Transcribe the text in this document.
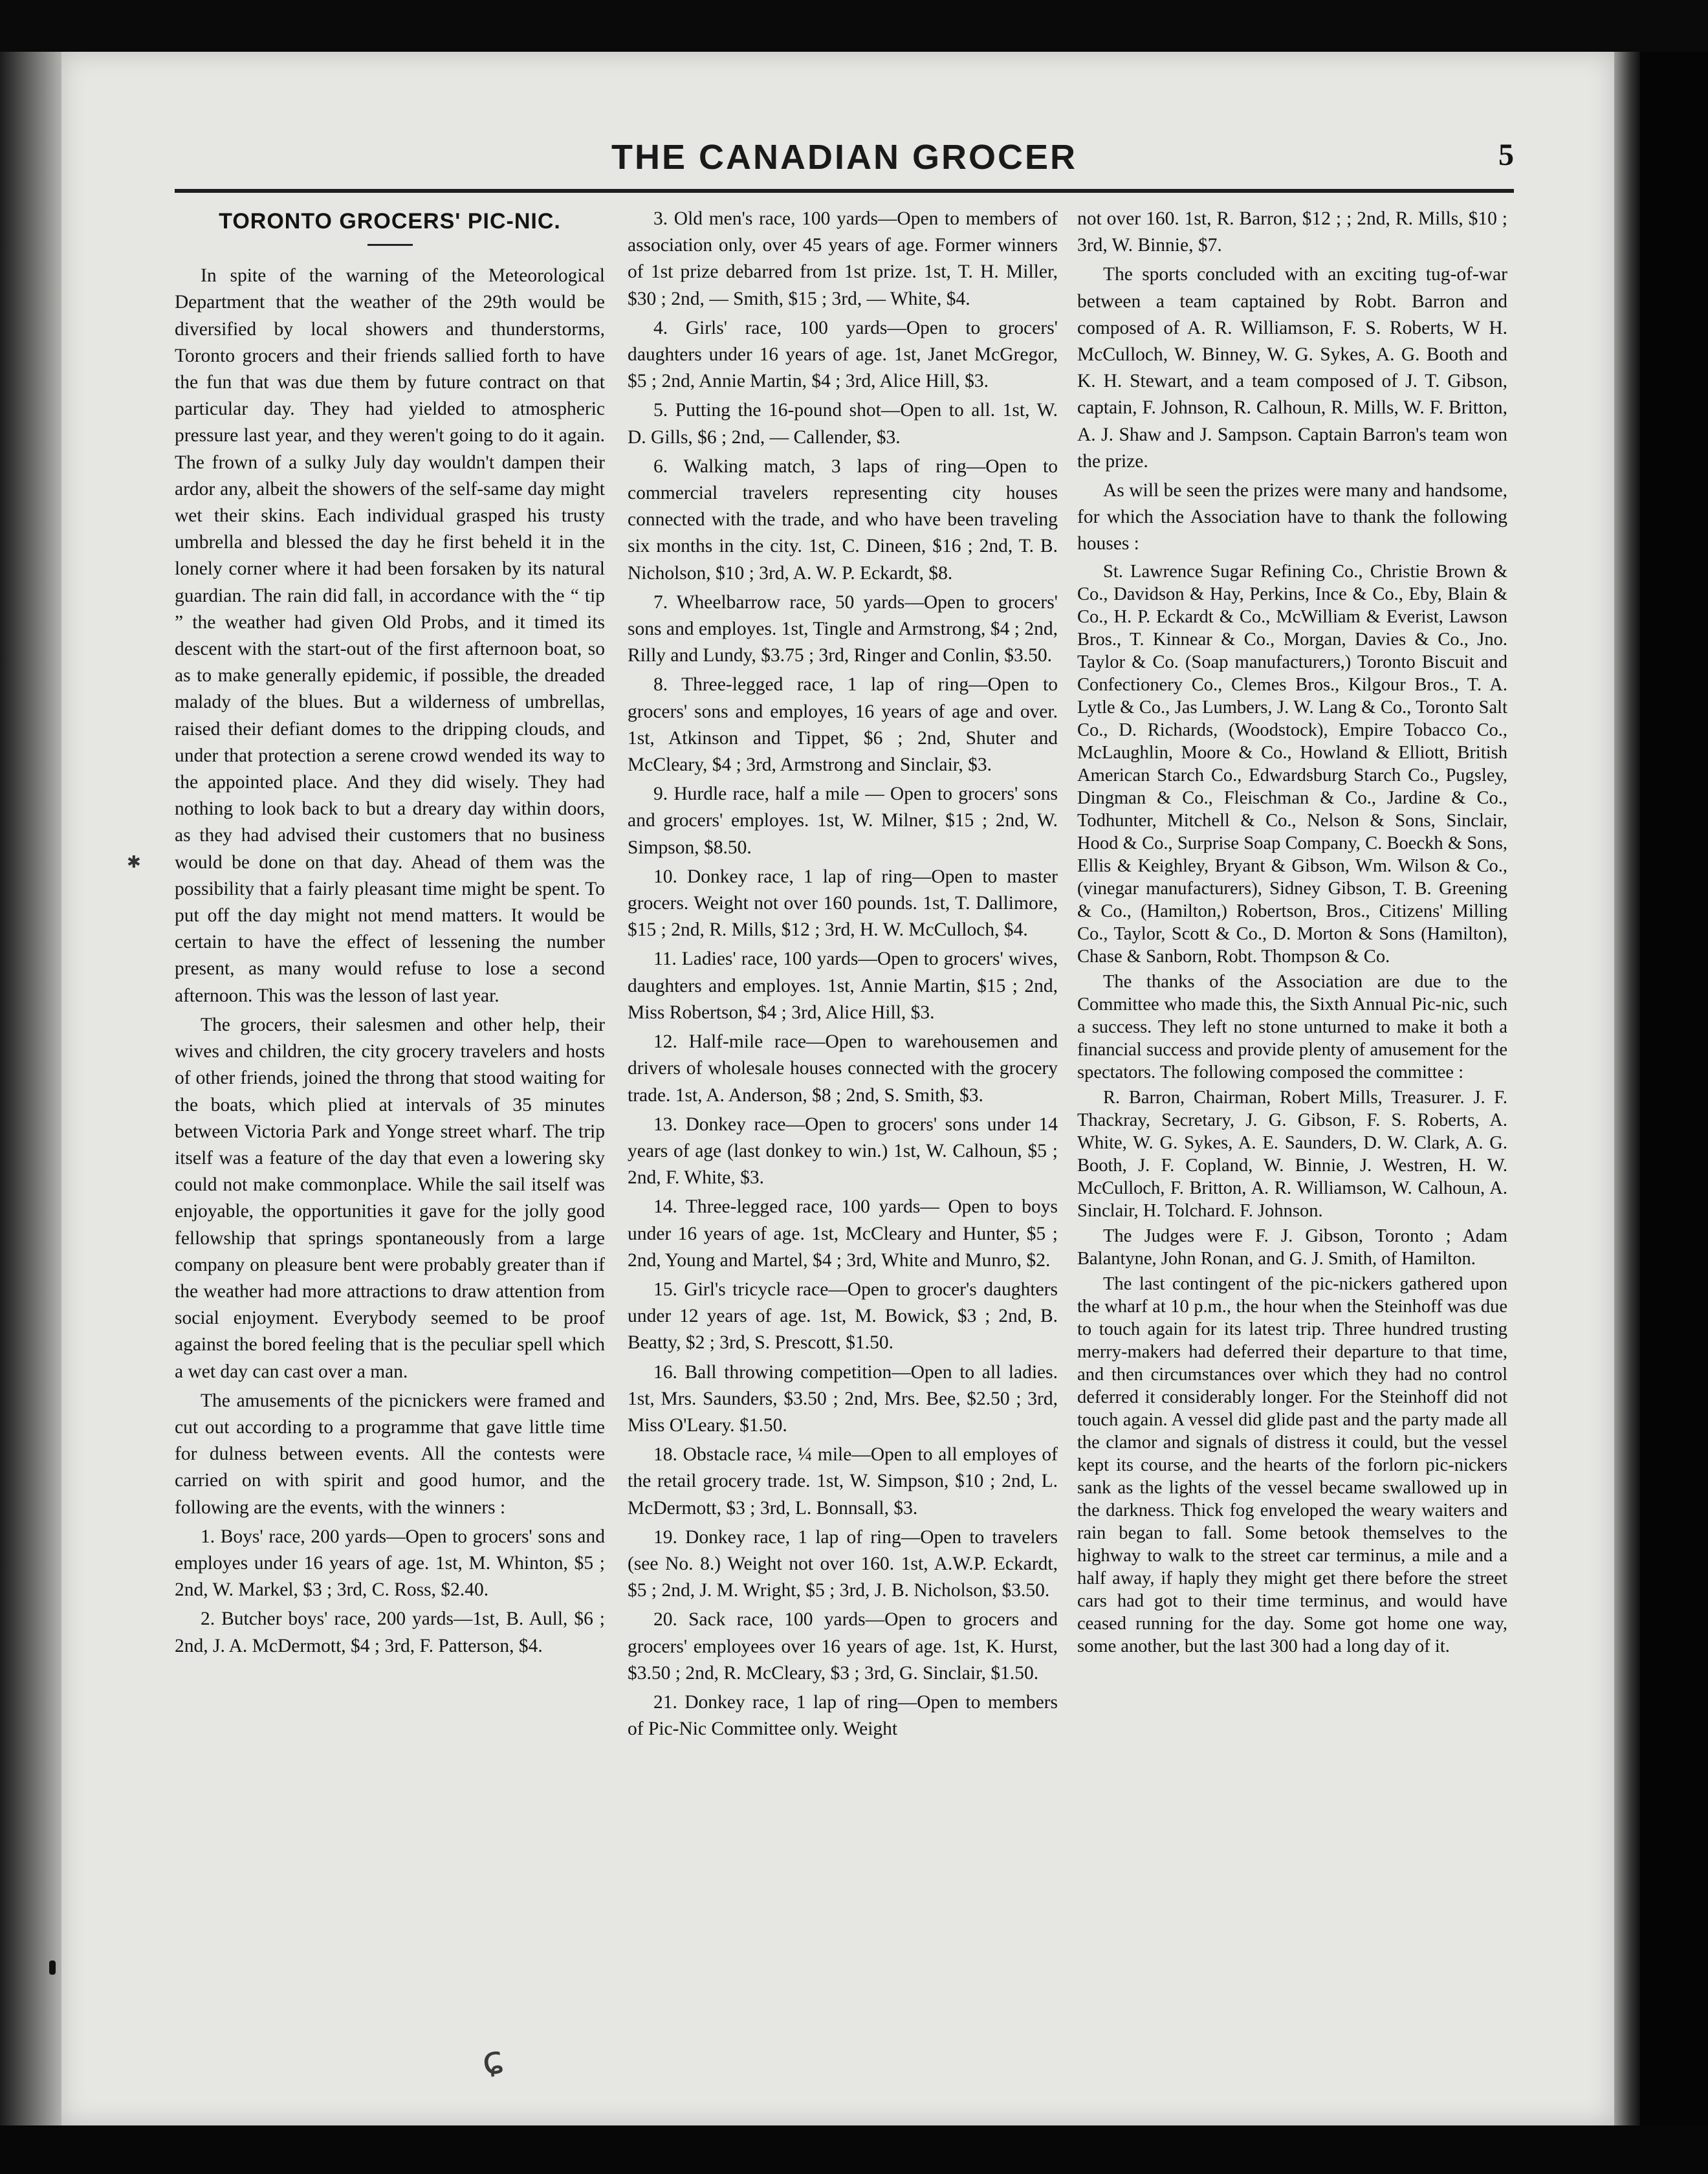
THE CANADIAN GROCER	5
TORONTO GROCERS' PIC-NIC.

In spite of the warning of the Meteorological Department that the weather of the 29th would be diversified by local showers and thunderstorms, Toronto grocers and their friends sallied forth to have the fun that was due them by future contract on that particular day. They had yielded to atmospheric pressure last year, and they weren't going to do it again. The frown of a sulky July day wouldn't dampen their ardor any, albeit the showers of the self-same day might wet their skins. Each individual grasped his trusty umbrella and blessed the day he first beheld it in the lonely corner where it had been forsaken by its natural guardian. The rain did fall, in accordance with the “ tip ” the weather had given Old Probs, and it timed its descent with the start-out of the first afternoon boat, so as to make generally epidemic, if possible, the dreaded malady of the blues. But a wilderness of umbrellas, raised their defiant domes to the dripping clouds, and under that protection a serene crowd wended its way to the appointed place. And they did wisely. They had nothing to look back to but a dreary day within doors, as they had advised their customers that no business would be done on that day. Ahead of them was the possibility that a fairly pleasant time might be spent. To put off the day might not mend matters. It would be certain to have the effect of lessening the number present, as many would refuse to lose a second afternoon. This was the lesson of last year.

The grocers, their salesmen and other help, their wives and children, the city grocery travelers and hosts of other friends, joined the throng that stood waiting for the boats, which plied at intervals of 35 minutes between Victoria Park and Yonge street wharf. The trip itself was a feature of the day that even a lowering sky could not make commonplace. While the sail itself was enjoyable, the opportunities it gave for the jolly good fellowship that springs spontaneously from a large company on pleasure bent were probably greater than if the weather had more attractions to draw attention from social enjoyment. Everybody seemed to be proof against the bored feeling that is the peculiar spell which a wet day can cast over a man.

The amusements of the picnickers were framed and cut out according to a programme that gave little time for dulness between events. All the contests were carried on with spirit and good humor, and the following are the events, with the winners :

1. Boys' race, 200 yards—Open to grocers' sons and employes under 16 years of age. 1st, M. Whinton, $5 ; 2nd, W. Markel, $3 ; 3rd, C. Ross, $2.40.

2. Butcher boys' race, 200 yards—1st, B. Aull, $6 ; 2nd, J. A. McDermott, $4 ; 3rd, F. Patterson, $4.

3. Old men's race, 100 yards—Open to members of association only, over 45 years of age. Former winners of 1st prize debarred from 1st prize. 1st, T. H. Miller, $30 ; 2nd, — Smith, $15 ; 3rd, — White, $4.

4. Girls' race, 100 yards—Open to grocers' daughters under 16 years of age. 1st, Janet McGregor, $5 ; 2nd, Annie Martin, $4 ; 3rd, Alice Hill, $3.

5. Putting the 16-pound shot—Open to all. 1st, W. D. Gills, $6 ; 2nd, — Callender, $3.

6. Walking match, 3 laps of ring—Open to commercial travelers representing city houses connected with the trade, and who have been traveling six months in the city. 1st, C. Dineen, $16 ; 2nd, T. B. Nicholson, $10 ; 3rd, A. W. P. Eckardt, $8.

7. Wheelbarrow race, 50 yards—Open to grocers' sons and employes. 1st, Tingle and Armstrong, $4 ; 2nd, Rilly and Lundy, $3.75 ; 3rd, Ringer and Conlin, $3.50.

8. Three-legged race, 1 lap of ring—Open to grocers' sons and employes, 16 years of age and over. 1st, Atkinson and Tippet, $6 ; 2nd, Shuter and McCleary, $4 ; 3rd, Armstrong and Sinclair, $3.

9. Hurdle race, half a mile — Open to grocers' sons and grocers' employes. 1st, W. Milner, $15 ; 2nd, W. Simpson, $8.50.

10. Donkey race, 1 lap of ring—Open to master grocers. Weight not over 160 pounds. 1st, T. Dallimore, $15 ; 2nd, R. Mills, $12 ; 3rd, H. W. McCulloch, $4.

11. Ladies' race, 100 yards—Open to grocers' wives, daughters and employes. 1st, Annie Martin, $15 ; 2nd, Miss Robertson, $4 ; 3rd, Alice Hill, $3.

12. Half-mile race—Open to warehousemen and drivers of wholesale houses connected with the grocery trade. 1st, A. Anderson, $8 ; 2nd, S. Smith, $3.

13. Donkey race—Open to grocers' sons under 14 years of age (last donkey to win.) 1st, W. Calhoun, $5 ; 2nd, F. White, $3.

14. Three-legged race, 100 yards— Open to boys under 16 years of age. 1st, McCleary and Hunter, $5 ; 2nd, Young and Martel, $4 ; 3rd, White and Munro, $2.

15. Girl's tricycle race—Open to grocer's daughters under 12 years of age. 1st, M. Bowick, $3 ; 2nd, B. Beatty, $2 ; 3rd, S. Prescott, $1.50.

16. Ball throwing competition—Open to all ladies. 1st, Mrs. Saunders, $3.50 ; 2nd, Mrs. Bee, $2.50 ; 3rd, Miss O'Leary. $1.50.

18. Obstacle race, ¼ mile—Open to all employes of the retail grocery trade. 1st, W. Simpson, $10 ; 2nd, L. McDermott, $3 ; 3rd, L. Bonnsall, $3.

19. Donkey race, 1 lap of ring—Open to travelers (see No. 8.) Weight not over 160. 1st, A.W.P. Eckardt, $5 ; 2nd, J. M. Wright, $5 ; 3rd, J. B. Nicholson, $3.50.

20. Sack race, 100 yards—Open to grocers and grocers' employees over 16 years of age. 1st, K. Hurst, $3.50 ; 2nd, R. McCleary, $3 ; 3rd, G. Sinclair, $1.50.

21. Donkey race, 1 lap of ring—Open to members of Pic-Nic Committee only. Weight

not over 160. 1st, R. Barron, $12 ; ; 2nd, R. Mills, $10 ; 3rd, W. Binnie, $7.

The sports concluded with an exciting tug-of-war between a team captained by Robt. Barron and composed of A. R. Williamson, F. S. Roberts, W H. McCulloch, W. Binney, W. G. Sykes, A. G. Booth and K. H. Stewart, and a team composed of J. T. Gibson, captain, F. Johnson, R. Calhoun, R. Mills, W. F. Britton, A. J. Shaw and J. Sampson. Captain Barron's team won the prize.

As will be seen the prizes were many and handsome, for which the Association have to thank the following houses :

St. Lawrence Sugar Refining Co., Christie Brown & Co., Davidson & Hay, Perkins, Ince & Co., Eby, Blain & Co., H. P. Eckardt & Co., McWilliam & Everist, Lawson Bros., T. Kinnear & Co., Morgan, Davies & Co., Jno. Taylor & Co. (Soap manufacturers,) Toronto Biscuit and Confectionery Co., Clemes Bros., Kilgour Bros., T. A. Lytle & Co., Jas Lumbers, J. W. Lang & Co., Toronto Salt Co., D. Richards, (Woodstock), Empire Tobacco Co., McLaughlin, Moore & Co., Howland & Elliott, British American Starch Co., Edwardsburg Starch Co., Pugsley, Dingman & Co., Fleischman & Co., Jardine & Co., Todhunter, Mitchell & Co., Nelson & Sons, Sinclair, Hood & Co., Surprise Soap Company, C. Boeckh & Sons, Ellis & Keighley, Bryant & Gibson, Wm. Wilson & Co., (vinegar manufacturers), Sidney Gibson, T. B. Greening & Co., (Hamilton,) Robertson, Bros., Citizens' Milling Co., Taylor, Scott & Co., D. Morton & Sons (Hamilton), Chase & Sanborn, Robt. Thompson & Co.

The thanks of the Association are due to the Committee who made this, the Sixth Annual Pic-nic, such a success. They left no stone unturned to make it both a financial success and provide plenty of amusement for the spectators. The following composed the committee :

R. Barron, Chairman, Robert Mills, Treasurer. J. F. Thackray, Secretary, J. G. Gibson, F. S. Roberts, A. White, W. G. Sykes, A. E. Saunders, D. W. Clark, A. G. Booth, J. F. Copland, W. Binnie, J. Westren, H. W. McCulloch, F. Britton, A. R. Williamson, W. Calhoun, A. Sinclair, H. Tolchard. F. Johnson.

The Judges were F. J. Gibson, Toronto ; Adam Balantyne, John Ronan, and G. J. Smith, of Hamilton.

The last contingent of the pic-nickers gathered upon the wharf at 10 p.m., the hour when the Steinhoff was due to touch again for its latest trip. Three hundred trusting merry-makers had deferred their departure to that time, and then circumstances over which they had no control deferred it considerably longer. For the Steinhoff did not touch again. A vessel did glide past and the party made all the clamor and signals of distress it could, but the vessel kept its course, and the hearts of the forlorn pic-nickers sank as the lights of the vessel became swallowed up in the darkness. Thick fog enveloped the weary waiters and rain began to fall. Some betook themselves to the highway to walk to the street car terminus, a mile and a half away, if haply they might get there before the street cars had got to their time terminus, and would have ceased running for the day. Some got home one way, some another, but the last 300 had a long day of it.

✱
ɕ
